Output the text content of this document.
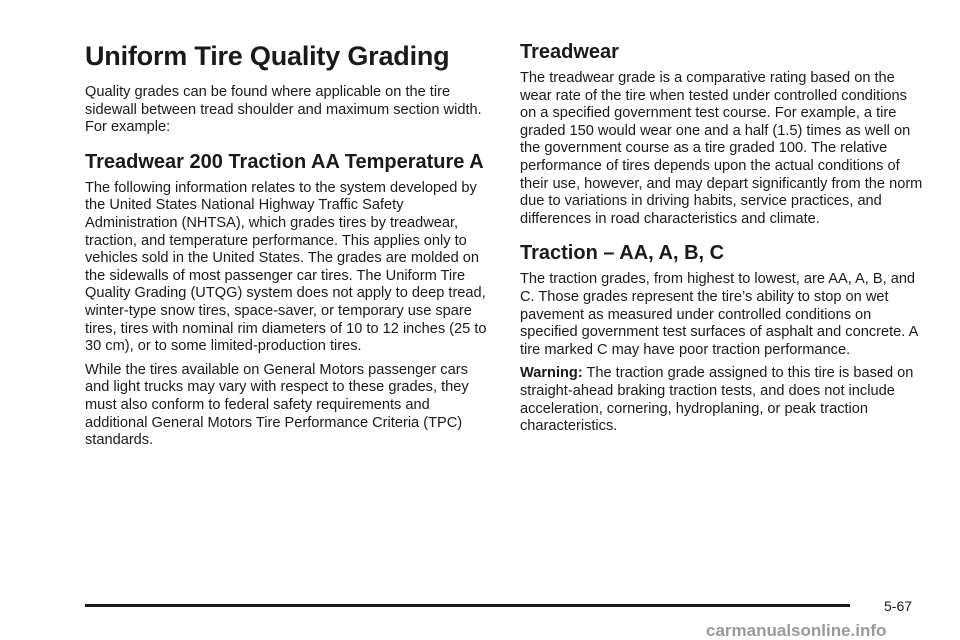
Uniform Tire Quality Grading

Quality grades can be found where applicable on the tire sidewall between tread shoulder and maximum section width. For example:

Treadwear 200 Traction AA Temperature A

The following information relates to the system developed by the United States National Highway Traffic Safety Administration (NHTSA), which grades tires by treadwear, traction, and temperature performance. This applies only to vehicles sold in the United States. The grades are molded on the sidewalls of most passenger car tires. The Uniform Tire Quality Grading (UTQG) system does not apply to deep tread, winter-type snow tires, space-saver, or temporary use spare tires, tires with nominal rim diameters of 10 to 12 inches (25 to 30 cm), or to some limited-production tires.

While the tires available on General Motors passenger cars and light trucks may vary with respect to these grades, they must also conform to federal safety requirements and additional General Motors Tire Performance Criteria (TPC) standards.

Treadwear

The treadwear grade is a comparative rating based on the wear rate of the tire when tested under controlled conditions on a specified government test course. For example, a tire graded 150 would wear one and a half (1.5) times as well on the government course as a tire graded 100. The relative performance of tires depends upon the actual conditions of their use, however, and may depart significantly from the norm due to variations in driving habits, service practices, and differences in road characteristics and climate.

Traction – AA, A, B, C

The traction grades, from highest to lowest, are AA, A, B, and C. Those grades represent the tire’s ability to stop on wet pavement as measured under controlled conditions on specified government test surfaces of asphalt and concrete. A tire marked C may have poor traction performance.

Warning: The traction grade assigned to this tire is based on straight-ahead braking traction tests, and does not include acceleration, cornering, hydroplaning, or peak traction characteristics.

5-67
carmanualsonline.info
